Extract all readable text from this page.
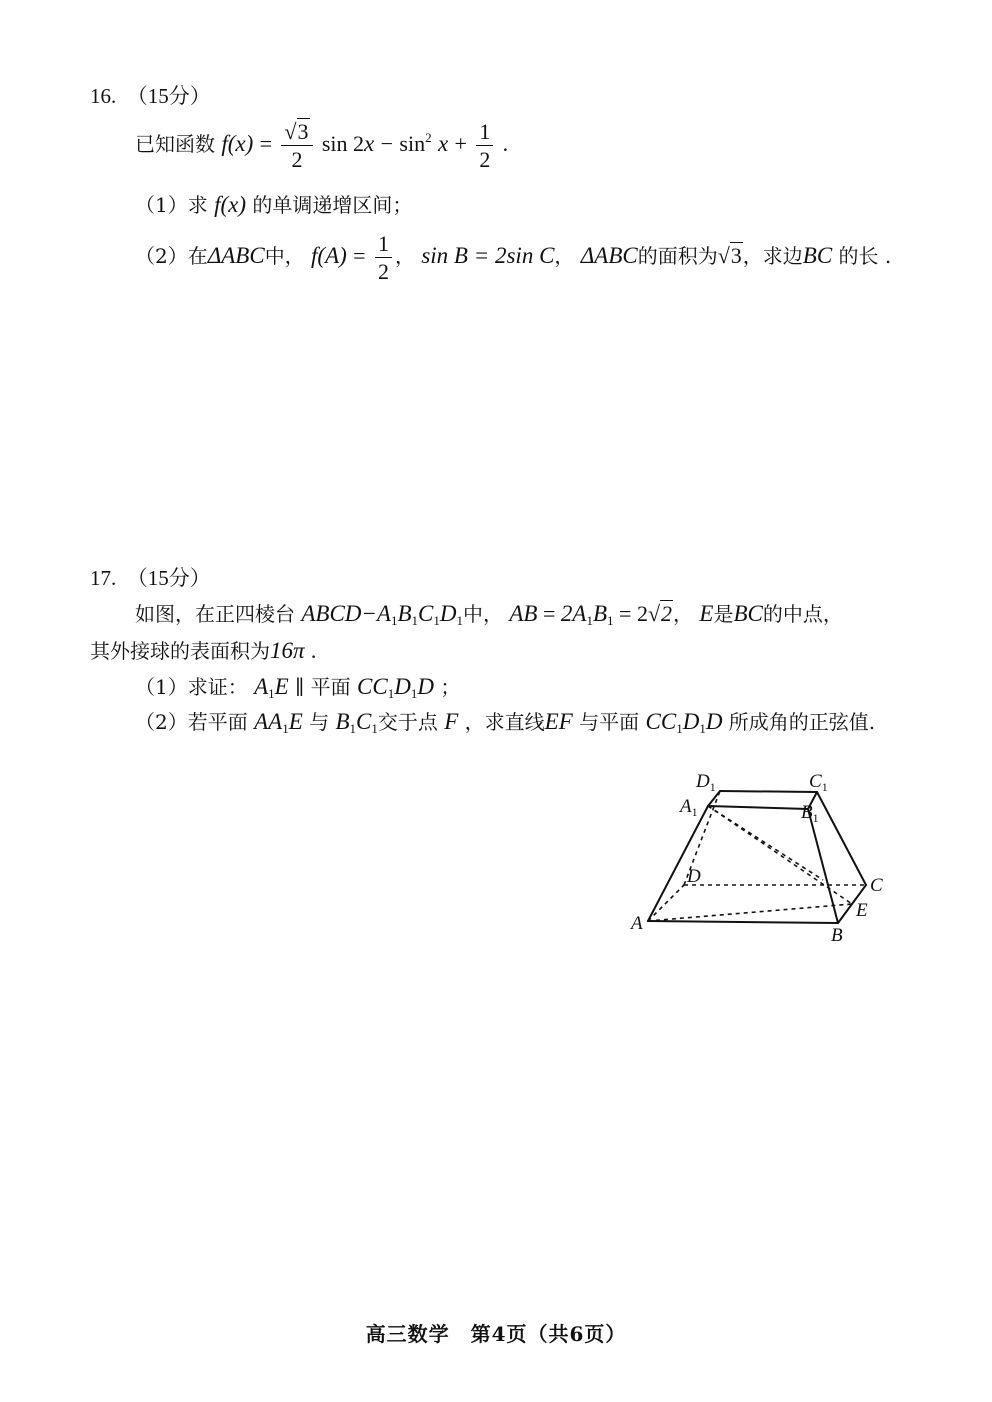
16.　（15分）
已知函数 $f(x) = \frac{√3}{2}$ $\sin 2x - \sin^2 x + \frac{1}{2}$ .
（1）求 f(x) 的单调递增区间；
（2）在ΔABC中， $f(A) = \frac{1}{2}$ ， sin B = 2sin C， ΔABC的面积为√3，求边BC 的长 .
17.　（15分）
如图，在正四棱台 $ABCD-A_1B_1C_1D_1$中， AB = $2A_1B_1 = 2√2$， E是BC的中点，
其外接球的表面积为16π .
（1）求证： $A_1E$ ∥ 平面 $CC_1D_1D$ ；
（2）若平面 $AA_1E$ 与 $B_1C_1$交于点 F ，求直线EF 与平面 $CC_1D_1D$ 所成角的正弦值.
$D_1$	$C_1$
$A_1$	$B_1$
D	C
E
A
B
高三数学　第4页（共6页）
